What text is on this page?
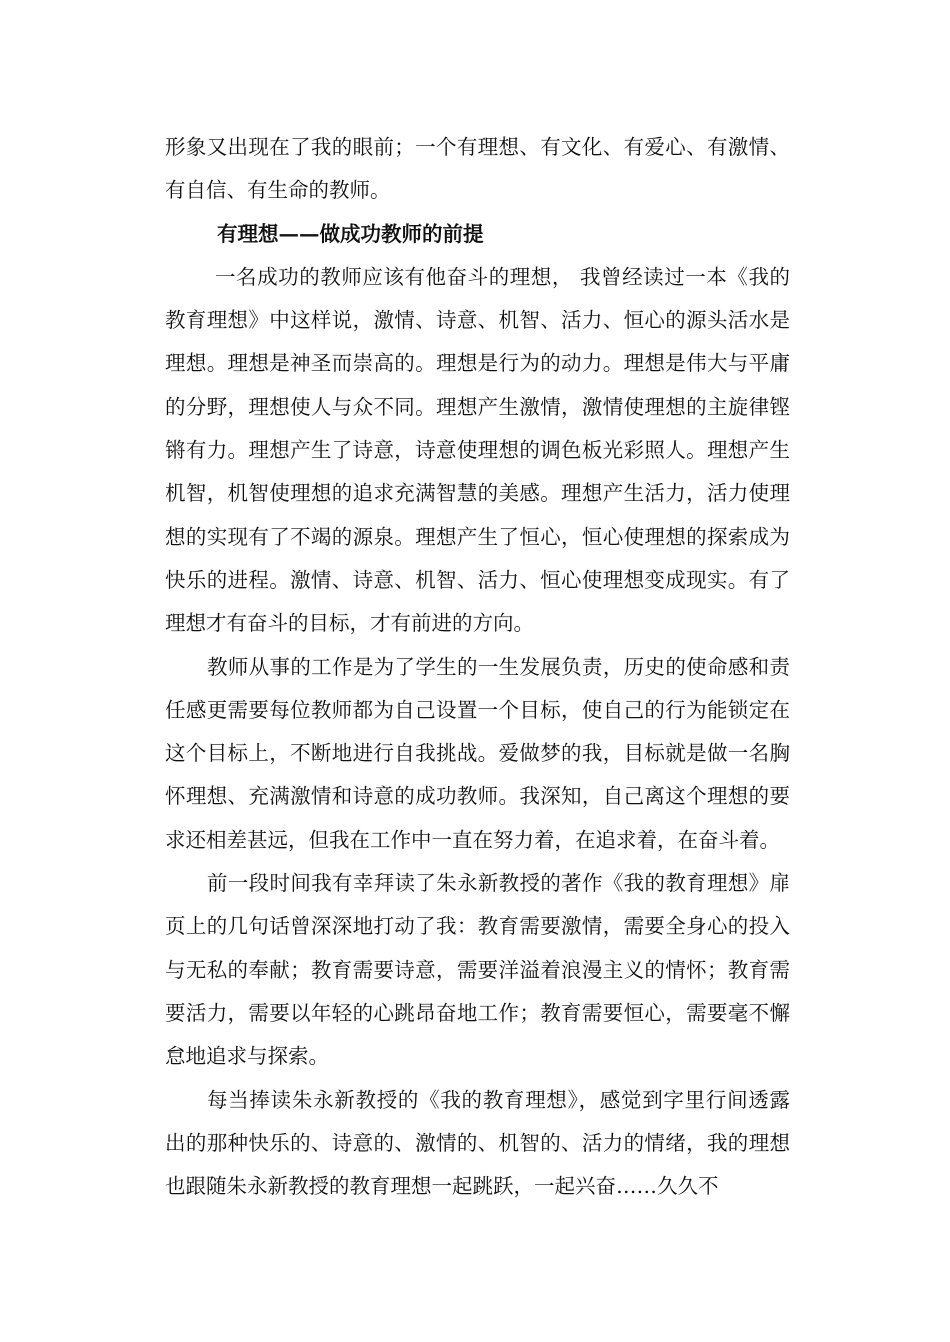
形象又出现在了我的眼前；一个有理想、有文化、有爱心、有激情、有自信、有生命的教师。

有理想——做成功教师的前提

一名成功的教师应该有他奋斗的理想， 我曾经读过一本《我的教育理想》中这样说，激情、诗意、机智、活力、恒心的源头活水是理想。理想是神圣而崇高的。理想是行为的动力。理想是伟大与平庸的分野，理想使人与众不同。理想产生激情，激情使理想的主旋律铿锵有力。理想产生了诗意，诗意使理想的调色板光彩照人。理想产生机智，机智使理想的追求充满智慧的美感。理想产生活力，活力使理想的实现有了不竭的源泉。理想产生了恒心，恒心使理想的探索成为快乐的进程。激情、诗意、机智、活力、恒心使理想变成现实。有了理想才有奋斗的目标，才有前进的方向。

教师从事的工作是为了学生的一生发展负责，历史的使命感和责任感更需要每位教师都为自己设置一个目标，使自己的行为能锁定在这个目标上，不断地进行自我挑战。爱做梦的我，目标就是做一名胸怀理想、充满激情和诗意的成功教师。我深知，自己离这个理想的要求还相差甚远，但我在工作中一直在努力着，在追求着，在奋斗着。

前一段时间我有幸拜读了朱永新教授的著作《我的教育理想》扉页上的几句话曾深深地打动了我：教育需要激情，需要全身心的投入与无私的奉献；教育需要诗意，需要洋溢着浪漫主义的情怀；教育需要活力，需要以年轻的心跳昂奋地工作；教育需要恒心，需要毫不懈怠地追求与探索。

每当捧读朱永新教授的《我的教育理想》，感觉到字里行间透露出的那种快乐的、诗意的、激情的、机智的、活力的情绪，我的理想也跟随朱永新教授的教育理想一起跳跃，一起兴奋……久久不
